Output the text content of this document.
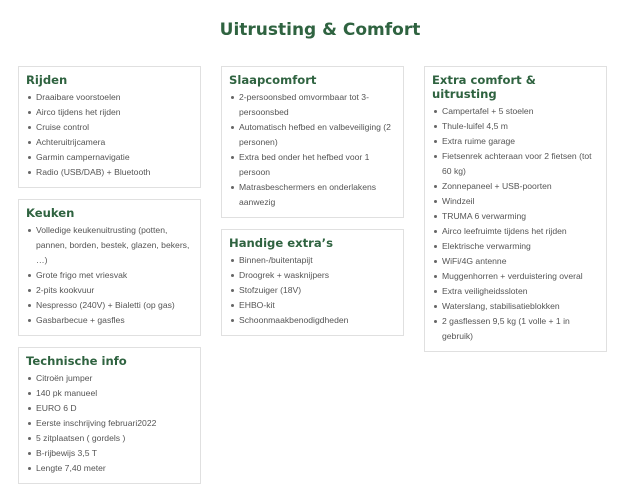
Uitrusting & Comfort
Rijden
Draaibare voorstoelen
Airco tijdens het rijden
Cruise control
Achteruitrijcamera
Garmin campernavigatie
Radio (USB/DAB) + Bluetooth
Keuken
Volledige keukenuitrusting (potten, pannen, borden, bestek, glazen, bekers, …)
Grote frigo met vriesvak
2-pits kookvuur
Nespresso (240V) + Bialetti (op gas)
Gasbarbecue + gasfles
Technische info
Citroën jumper
140 pk manueel
EURO 6 D
Eerste inschrijving februari2022
5 zitplaatsen ( gordels )
B-rijbewijs 3,5 T
Lengte 7,40 meter
Slaapcomfort
2-persoonsbed omvormbaar tot 3-persoonsbed
Automatisch hefbed en valbeveiliging (2 personen)
Extra bed onder het hefbed voor 1 persoon
Matrasbeschermers en onderlakens aanwezig
Handige extra’s
Binnen-/buitentapijt
Droogrek + wasknijpers
Stofzuiger (18V)
EHBO-kit
Schoonmaakbenodigdheden
Extra comfort & uitrusting
Campertafel + 5 stoelen
Thule-luifel 4,5 m
Extra ruime garage
Fietsenrek achteraan voor 2 fietsen (tot 60 kg)
Zonnepaneel + USB-poorten
Windzeil
TRUMA 6 verwarming
Airco leefruimte tijdens het rijden
Elektrische verwarming
WiFi/4G antenne
Muggenhorren + verduistering overal
Extra veiligheidssloten
Waterslang, stabilisatieblokken
2 gasflessen 9,5 kg (1 volle + 1 in gebruik)
